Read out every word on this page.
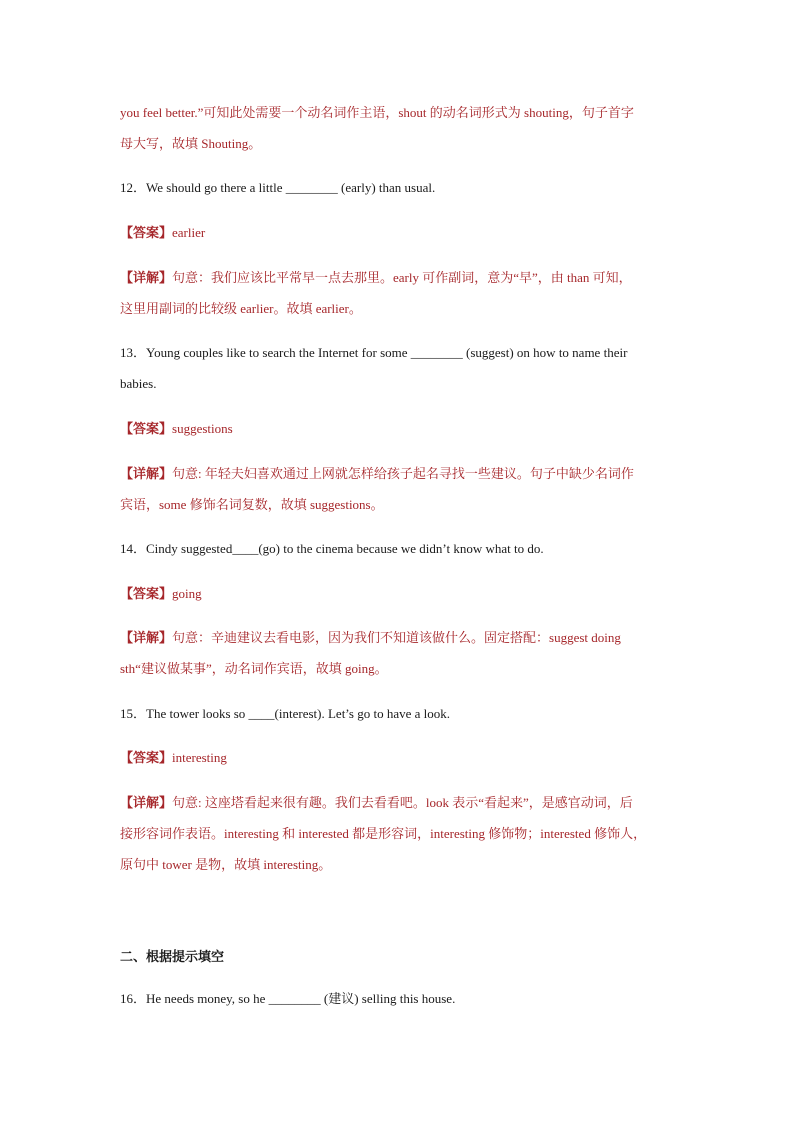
you feel better.”可知此处需要一个动名词作主语，shout 的动名词形式为 shouting，句子首字
母大写，故填 Shouting。
12．We should go there a little ________ (early) than usual.
【答案】earlier
【详解】句意：我们应该比平常早一点去那里。early 可作副词，意为“早”，由 than 可知，
这里用副词的比较级 earlier。故填 earlier。
13．Young couples like to search the Internet for some ________ (suggest) on how to name their
babies.
【答案】suggestions
【详解】句意: 年轻夫妇喜欢通过上网就怎样给孩子起名寻找一些建议。句子中缺少名词作
宾语，some 修饰名词复数，故填 suggestions。
14．Cindy suggested____(go) to the cinema because we didn’t know what to do.
【答案】going
【详解】句意：辛迪建议去看电影，因为我们不知道该做什么。固定搭配：suggest doing
sth“建议做某事”，动名词作宾语，故填 going。
15．The tower looks so ____(interest). Let’s go to have a look.
【答案】interesting
【详解】句意: 这座塔看起来很有趣。我们去看看吧。look 表示“看起来”，是感官动词，后
接形容词作表语。interesting 和 interested 都是形容词，interesting 修饰物；interested 修饰人，
原句中 tower 是物，故填 interesting。
二、根据提示填空
16．He needs money, so he ________ (建议) selling this house.
